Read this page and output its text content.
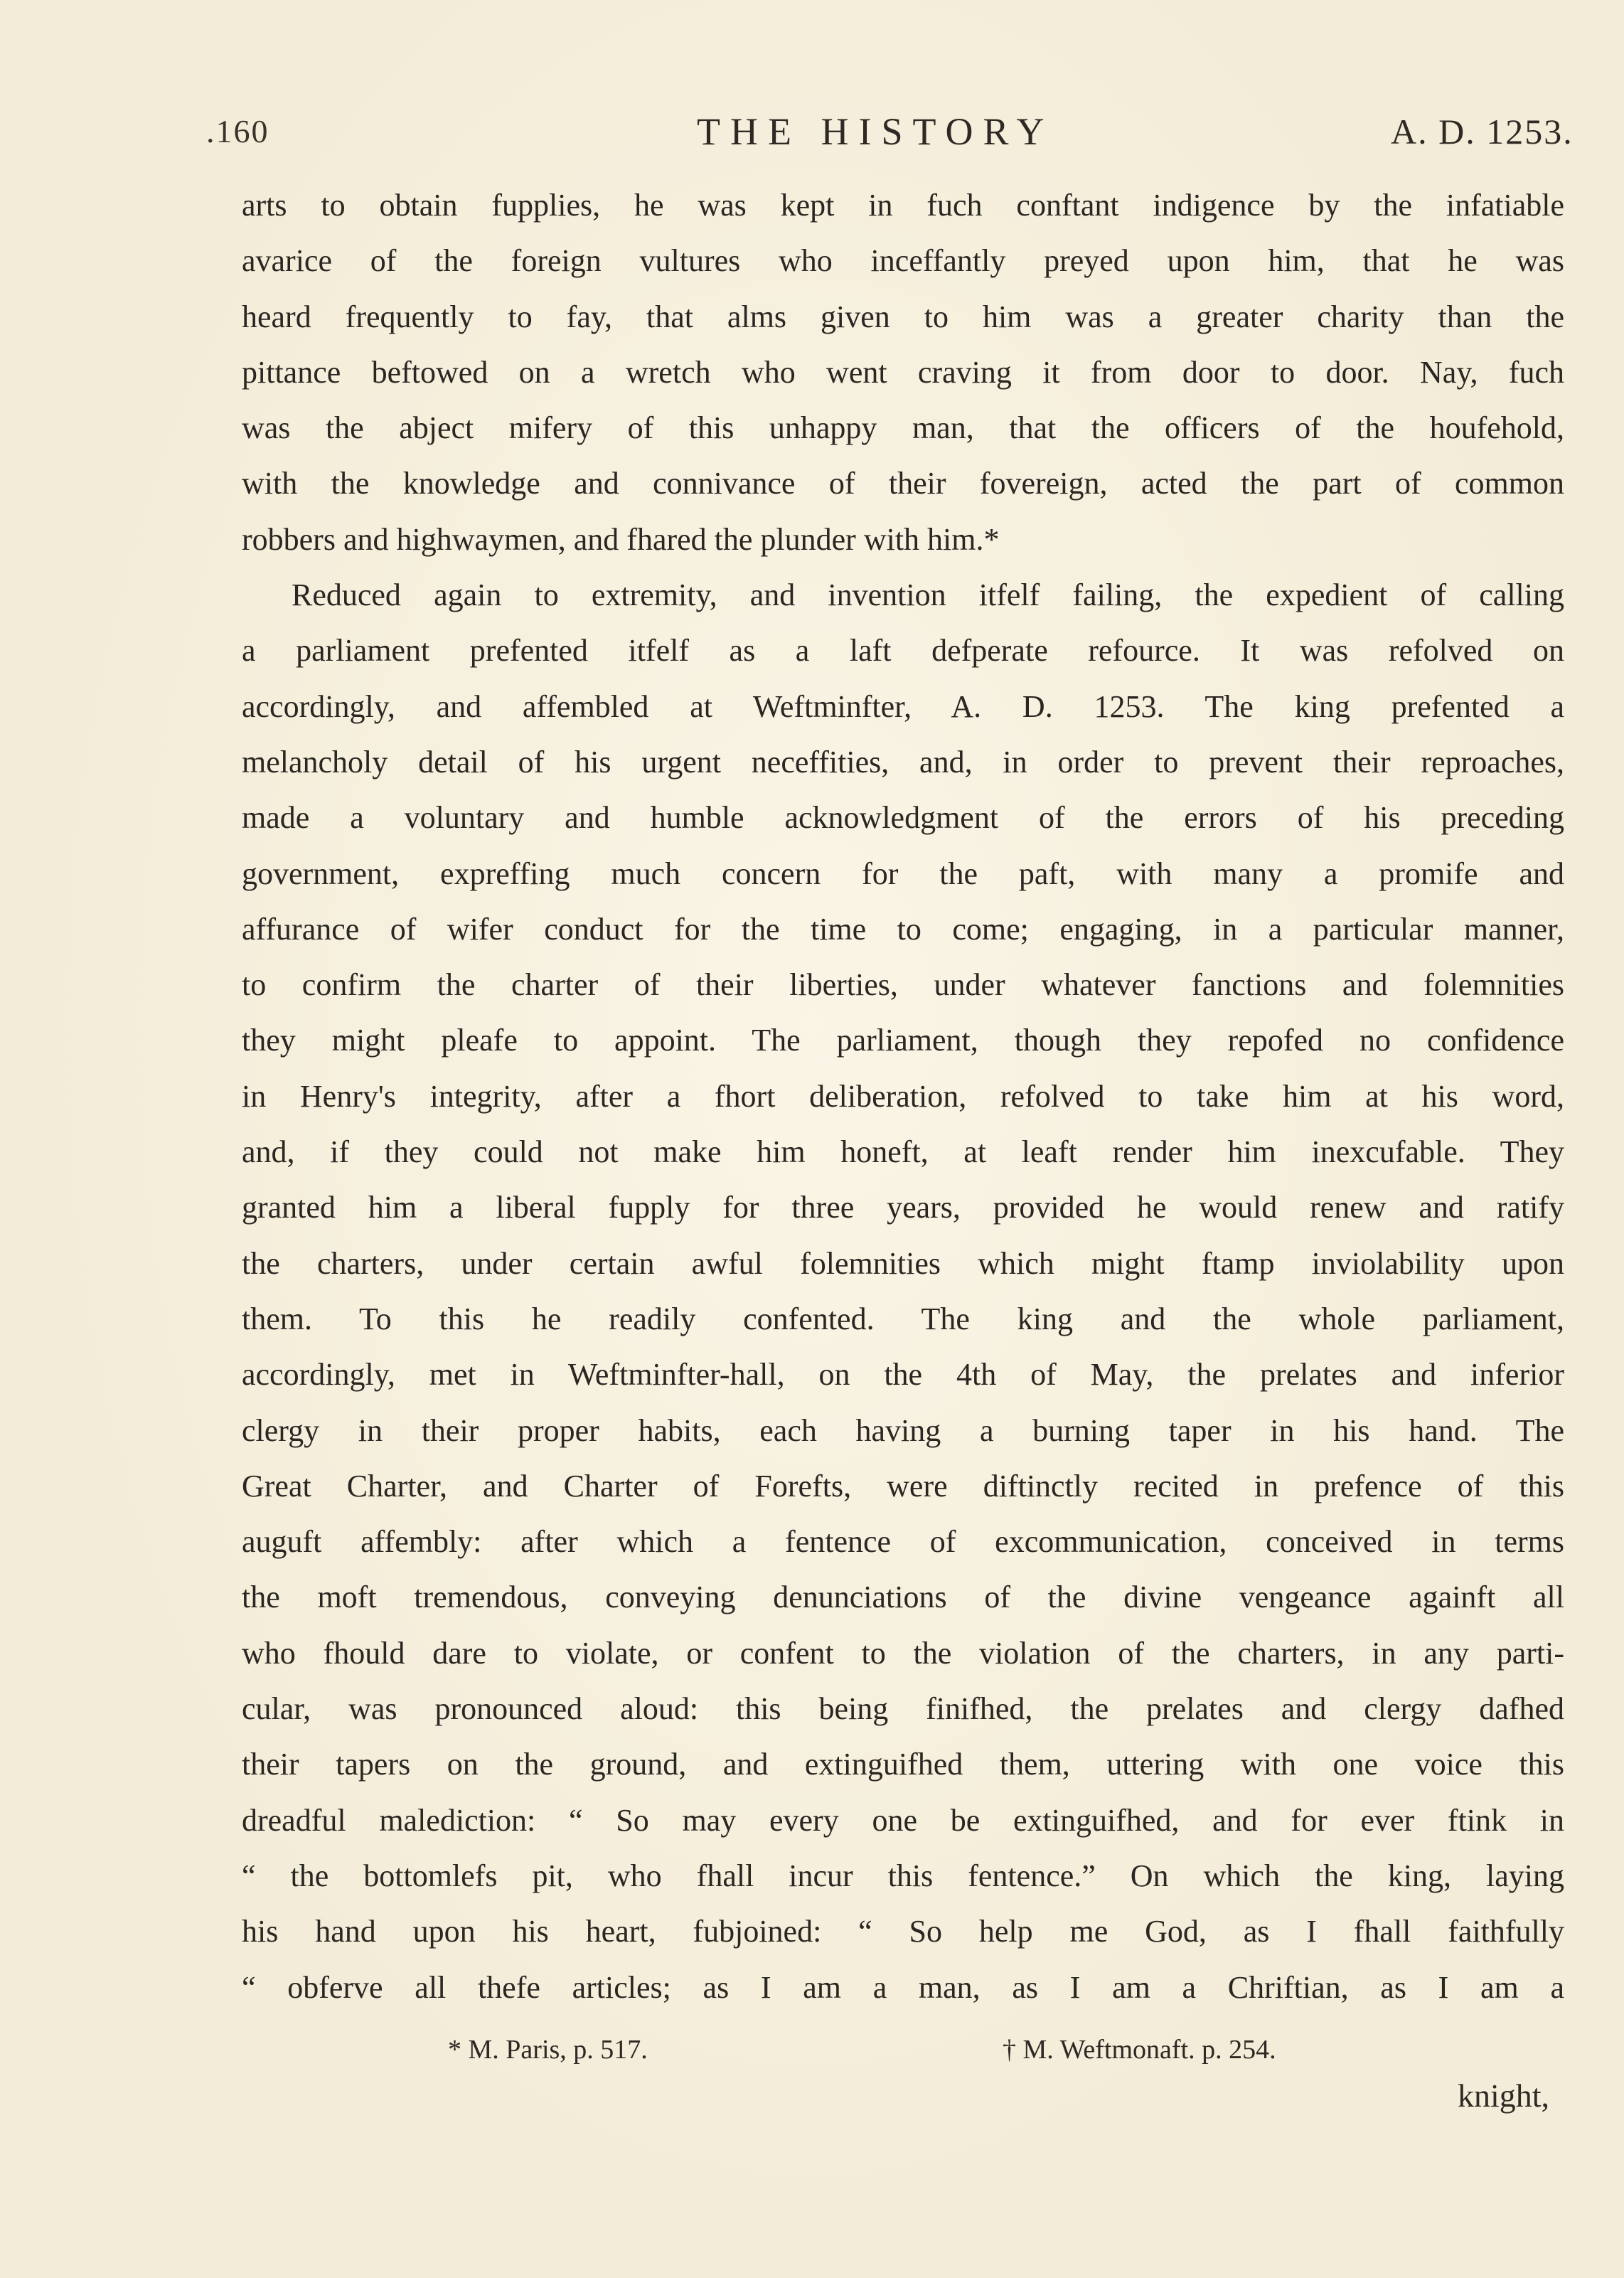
.160	THE HISTORY	A. D. 1253.
arts to obtain fupplies, he was kept in fuch conftant indigence by the infatiable
avarice of the foreign vultures who inceffantly preyed upon him, that he was
heard frequently to fay, that alms given to him was a greater charity than the
pittance beftowed on a wretch who went craving it from door to door. Nay, fuch
was the abject mifery of this unhappy man, that the officers of the houfehold,
with the knowledge and connivance of their fovereign, acted the part of common
robbers and highwaymen, and fhared the plunder with him.*
Reduced again to extremity, and invention itfelf failing, the expedient of calling
a parliament prefented itfelf as a laft defperate refource. It was refolved on
accordingly, and affembled at Weftminfter, A. D. 1253. The king prefented a
melancholy detail of his urgent neceffities, and, in order to prevent their reproaches,
made a voluntary and humble acknowledgment of the errors of his preceding
government, expreffing much concern for the paft, with many a promife and
affurance of wifer conduct for the time to come; engaging, in a particular manner,
to confirm the charter of their liberties, under whatever fanctions and folemnities
they might pleafe to appoint. The parliament, though they repofed no confidence
in Henry's integrity, after a fhort deliberation, refolved to take him at his word,
and, if they could not make him honeft, at leaft render him inexcufable. They
granted him a liberal fupply for three years, provided he would renew and ratify
the charters, under certain awful folemnities which might ftamp inviolability upon
them. To this he readily confented. The king and the whole parliament,
accordingly, met in Weftminfter-hall, on the 4th of May, the prelates and inferior
clergy in their proper habits, each having a burning taper in his hand. The
Great Charter, and Charter of Forefts, were diftinctly recited in prefence of this
auguft affembly: after which a fentence of excommunication, conceived in terms
the moft tremendous, conveying denunciations of the divine vengeance againft all
who fhould dare to violate, or confent to the violation of the charters, in any parti-
cular, was pronounced aloud: this being finifhed, the prelates and clergy dafhed
their tapers on the ground, and extinguifhed them, uttering with one voice this
dreadful malediction: “ So may every one be extinguifhed, and for ever ftink in
“ the bottomlefs pit, who fhall incur this fentence.” On which the king, laying
his hand upon his heart, fubjoined: “ So help me God, as I fhall faithfully
“ obferve all thefe articles; as I am a man, as I am a Chriftian, as I am a
* M. Paris, p. 517.	† M. Weftmonaft. p. 254.
knight,
